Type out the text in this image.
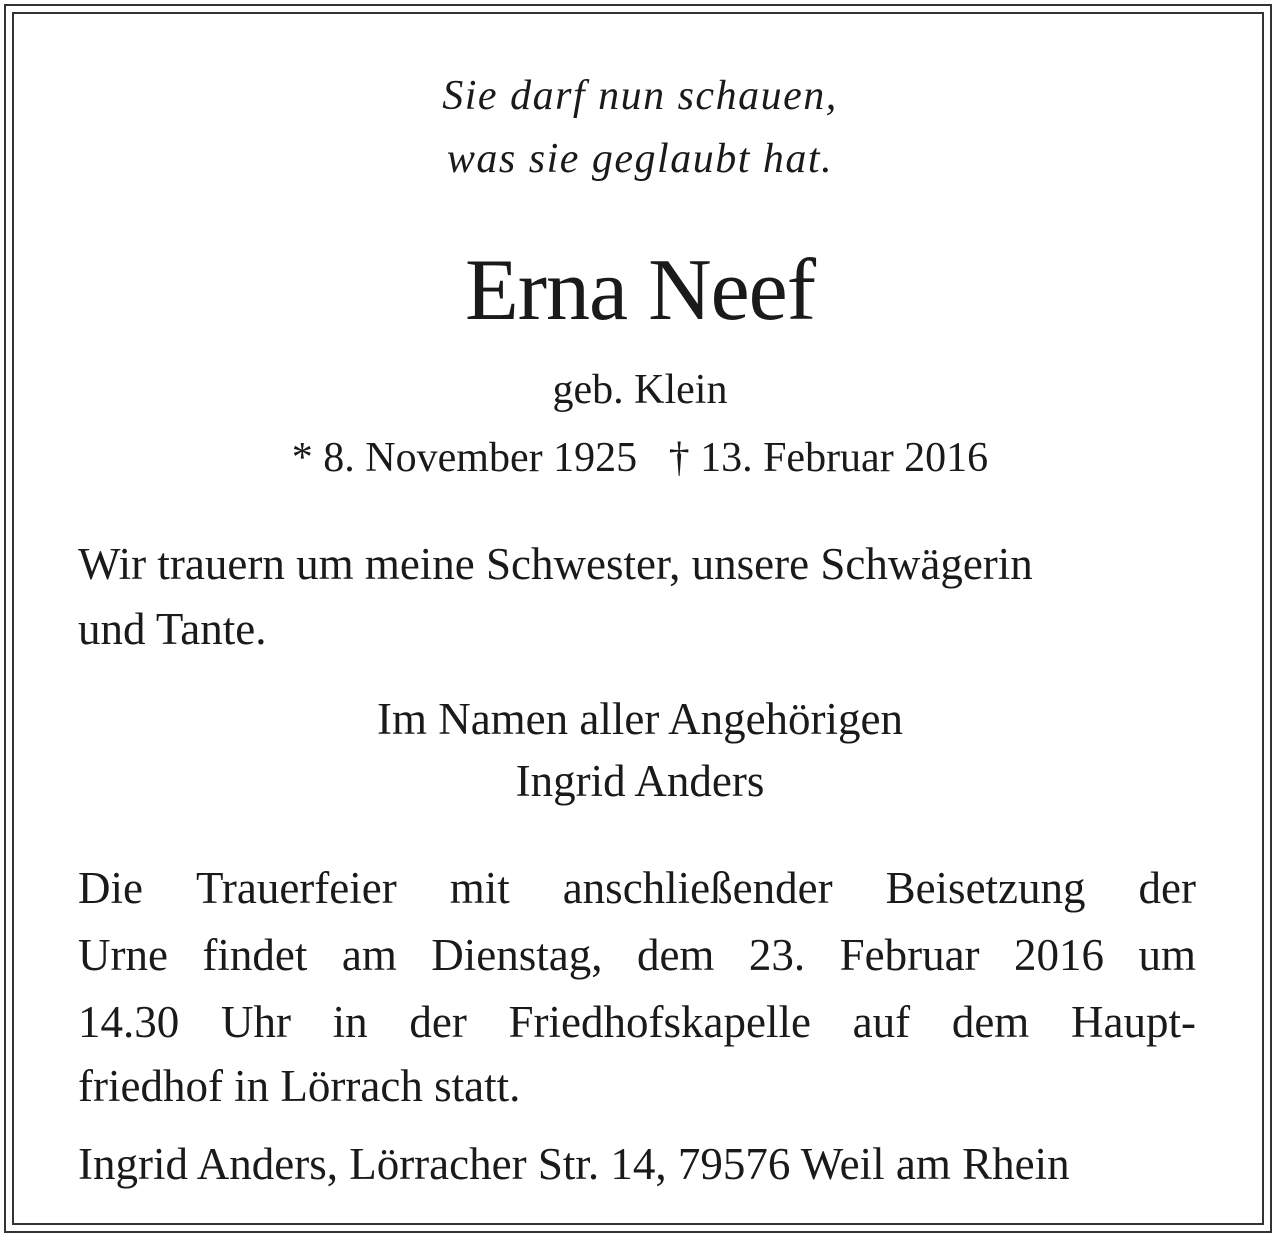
Sie darf nun schauen,
was sie geglaubt hat.
Erna Neef
geb. Klein
* 8. November 1925   † 13. Februar 2016
Wir trauern um meine Schwester, unsere Schwägerin
und Tante.
Im Namen aller Angehörigen
Ingrid Anders
Die Trauerfeier mit anschließender Beisetzung der
Urne findet am Dienstag, dem 23. Februar 2016 um
14.30 Uhr in der Friedhofskapelle auf dem Haupt-
friedhof in Lörrach statt.
Ingrid Anders, Lörracher Str. 14, 79576 Weil am Rhein
